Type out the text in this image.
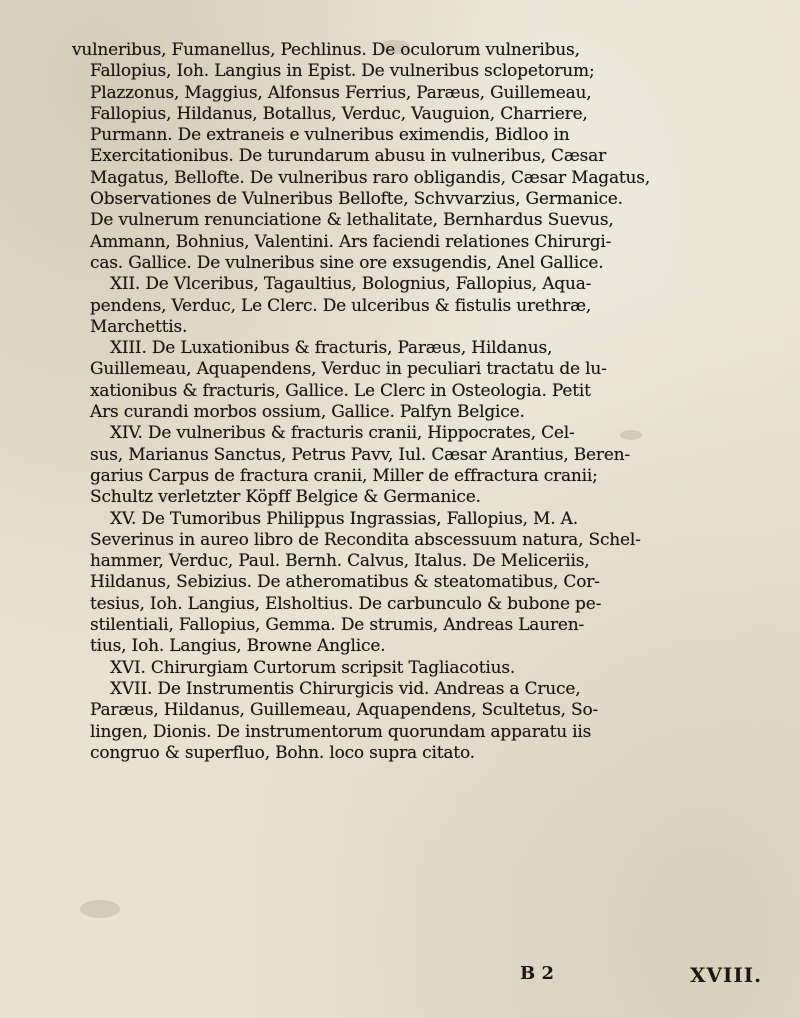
vulneribus, Fumanellus, Pechlinus. De oculorum vulneribus,
Fallopius, Ioh. Langius in Epist. De vulneribus sclopetorum;
Plazzonus, Maggius, Alfonsus Ferrius, Paræus, Guillemeau,
Fallopius, Hildanus, Botallus, Verduc, Vauguion, Charriere,
Purmann. De extraneis e vulneribus eximendis, Bidloo in
Exercitationibus. De turundarum abusu in vulneribus, Cæsar
Magatus, Bellofte. De vulneribus raro obligandis, Cæsar Magatus,
Observationes de Vulneribus Bellofte, Schvvarzius, Germanice.
De vulnerum renunciatione & lethalitate, Bernhardus Suevus,
Ammann, Bohnius, Valentini. Ars faciendi relationes Chirurgi-
cas. Gallice. De vulneribus sine ore exsugendis, Anel Gallice.
XII. De Vlceribus, Tagaultius, Bolognius, Fallopius, Aqua-
pendens, Verduc, Le Clerc. De ulceribus & fistulis urethræ,
Marchettis.
XIII. De Luxationibus & fracturis, Paræus, Hildanus,
Guillemeau, Aquapendens, Verduc in peculiari tractatu de lu-
xationibus & fracturis, Gallice. Le Clerc in Osteologia. Petit
Ars curandi morbos ossium, Gallice. Palfyn Belgice.
XIV. De vulneribus & fracturis cranii, Hippocrates, Cel-
sus, Marianus Sanctus, Petrus Pavv, Iul. Cæsar Arantius, Beren-
garius Carpus de fractura cranii, Miller de effractura cranii;
Schultz verletzter Köpff Belgice & Germanice.
XV. De Tumoribus Philippus Ingrassias, Fallopius, M. A.
Severinus in aureo libro de Recondita abscessuum natura, Schel-
hammer, Verduc, Paul. Bernh. Calvus, Italus. De Meliceriis,
Hildanus, Sebizius. De atheromatibus & steatomatibus, Cor-
tesius, Ioh. Langius, Elsholtius. De carbunculo & bubone pe-
stilentiali, Fallopius, Gemma. De strumis, Andreas Lauren-
tius, Ioh. Langius, Browne Anglice.
XVI. Chirurgiam Curtorum scripsit Tagliacotius.
XVII. De Instrumentis Chirurgicis vid. Andreas a Cruce,
Paræus, Hildanus, Guillemeau, Aquapendens, Scultetus, So-
lingen, Dionis. De instrumentorum quorundam apparatu iis
congruo & superfluo, Bohn. loco supra citato.
B 2	XVIII.
